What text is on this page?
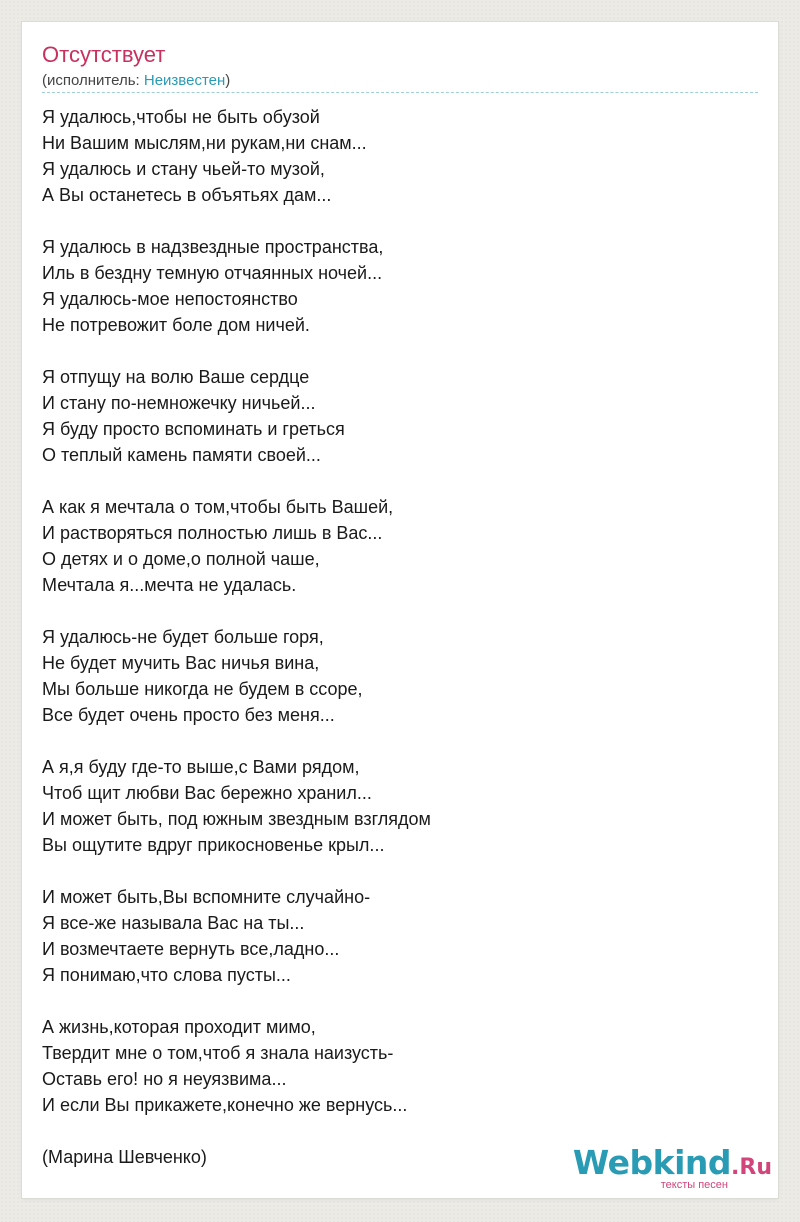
Отсутствует
(исполнитель: Неизвестен)
Я удалюсь,чтобы не быть обузой
Ни Вашим мыслям,ни рукам,ни снам...
Я удалюсь и стану чьей-то музой,
А Вы останетесь в объятьях дам...
Я удалюсь в надзвездные пространства,
Иль в бездну темную отчаянных ночей...
Я удалюсь-мое непостоянство
Не потревожит боле дом ничей.
Я отпущу на волю Ваше сердце
И стану по-немножечку ничьей...
Я буду просто вспоминать и греться
О теплый камень памяти своей...
А как я мечтала о том,чтобы быть Вашей,
И растворяться полностью лишь в Вас...
О детях и о доме,о полной чаше,
Мечтала я...мечта не удалась.
Я удалюсь-не будет больше горя,
Не будет мучить Вас ничья вина,
Мы больше никогда не будем в ссоре,
Все будет очень просто без меня...
А я,я буду где-то выше,с Вами рядом,
Чтоб щит любви Вас бережно хранил...
И может быть, под южным звездным взглядом
Вы ощутите вдруг прикосновенье крыл...
И может быть,Вы вспомните случайно-
Я все-же называла Вас на ты...
И возмечтаете вернуть все,ладно...
Я понимаю,что слова пусты...
А жизнь,которая проходит мимо,
Твердит мне о том,чтоб я знала наизусть-
Оставь его! но я неуязвима...
И если Вы прикажете,конечно же вернусь...
(Марина Шевченко)	Webkind.Ru
тексты песен
